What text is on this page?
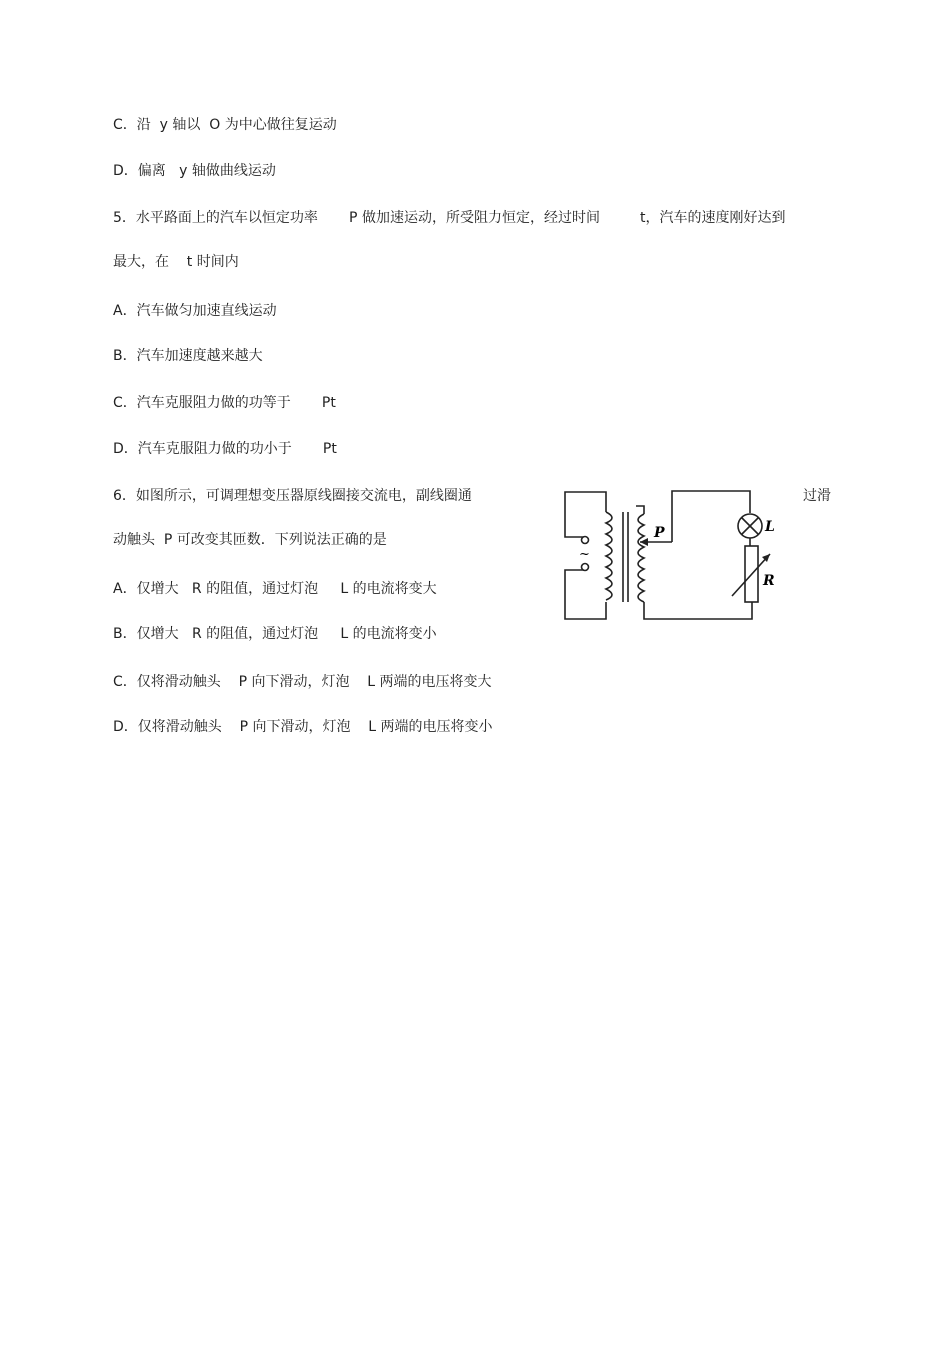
C．沿  y 轴以  O 为中心做往复运动
D．偏离   y 轴做曲线运动
5．水平路面上的汽车以恒定功率       P 做加速运动，所受阻力恒定，经过时间         t，汽车的速度刚好达到
最大，在    t 时间内
A．汽车做匀加速直线运动
B．汽车加速度越来越大
C．汽车克服阻力做的功等于       Pt
D．汽车克服阻力做的功小于       Pt
6．如图所示，可调理想变压器原线圈接交流电，副线圈通	过滑
动触头  P 可改变其匝数．下列说法正确的是
A．仅增大   R 的阻值，通过灯泡     L 的电流将变大
B．仅增大   R 的阻值，通过灯泡     L 的电流将变小
C．仅将滑动触头    P 向下滑动，灯泡    L 两端的电压将变大
D．仅将滑动触头    P 向下滑动，灯泡    L 两端的电压将变小
~
P	L
R
